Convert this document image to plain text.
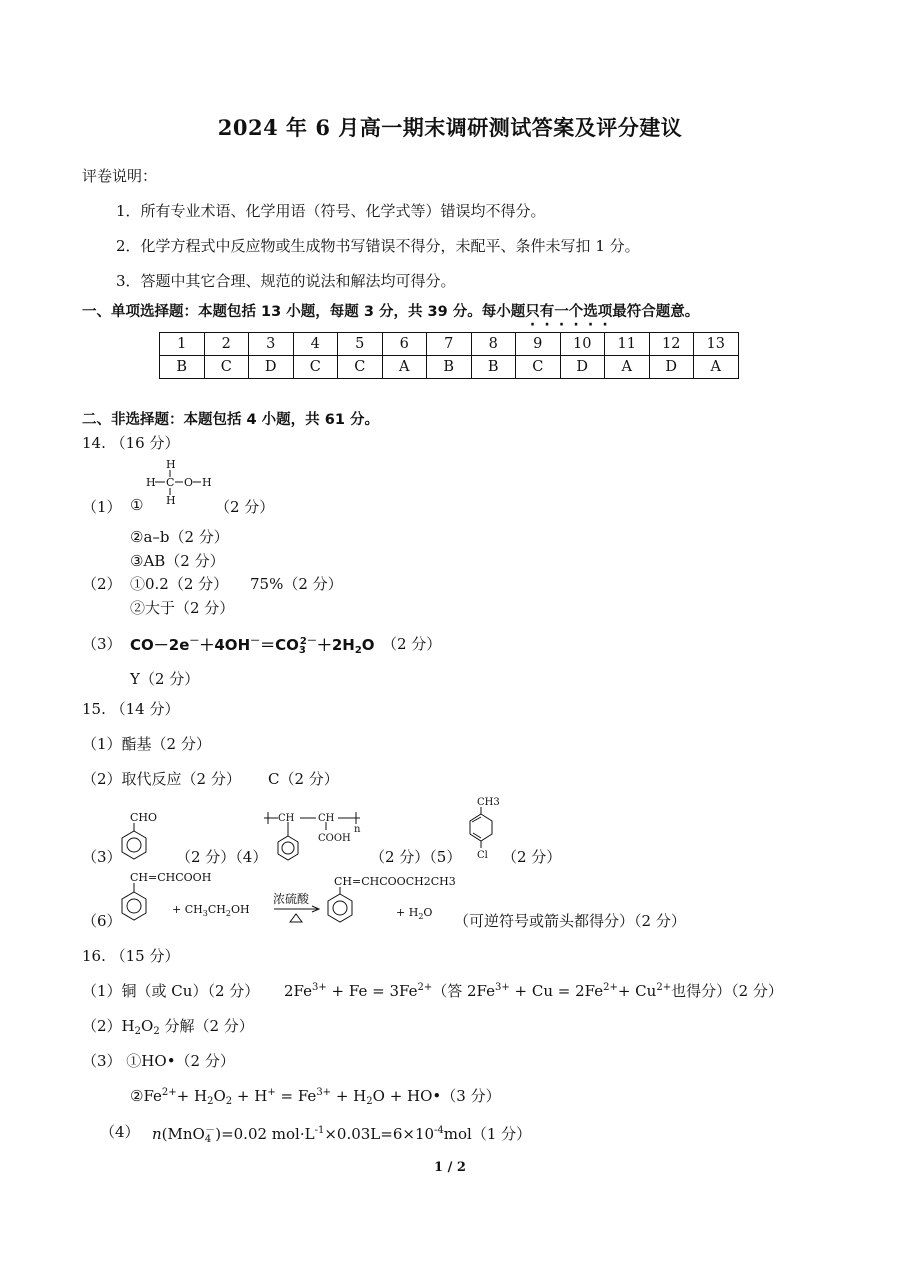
2024 年 6 月高一期末调研测试答案及评分建议
评卷说明：
1．所有专业术语、化学用语（符号、化学式等）错误均不得分。
2．化学方程式中反应物或生成物书写错误不得分，未配平、条件未写扣 1 分。
3．答题中其它合理、规范的说法和解法均可得分。
一、单项选择题：本题包括 13 小题，每题 3 分，共 39 分。每小题只有一个选项最符合题意。
1	2	3	4	5	6	7	8	9	10	11	12	13
B	C	D	C	C	A	B	B	C	D	A	D	A
二、非选择题：本题包括 4 小题，共 61 分。
14. （16 分）
H
H C O H
H
（1） ①	（2 分）
②a–b（2 分）
③AB（2 分）
（2） ①0.2（2 分） 75%（2 分）
②大于（2 分）
（3） $CO-2e^-+4OH^-=CO_3^{2-}+2H_2O$ （2 分）
Y（2 分）
15. （14 分）
（1）酯基（2 分）
（2）取代反应（2 分） C（2 分）
CHO
（3）	（2 分）（4）
CH CH
COOH
n
（2 分）（5）
CH3
Cl （2 分）
CH=CHCOOH
（6）
+ $CH_3CH_2OH$
浓硫酸
CH=CHCOOCH2CH3
+ $H_2O$ （可逆符号或箭头都得分）（2 分）
16. （15 分）
（1）铜（或 Cu）（2 分） $2Fe^{3+} + Fe = 3Fe^{2+}$（答 $2Fe^{3+} + Cu = 2Fe^{2+}+ Cu^{2+}$也得分）（2 分）
$(2)H_2O_2$ 分解（2 分）
（3） ①HO•（2 分）
$②Fe^{2+}+ H_2O_2 + H^+ = Fe^{3+} + H_2O$ + HO•（3 分）
（4） n(MnO$_4$－)=0.02 $mol\cdot L^{-1}\times 0.03L=6\times 10^{-4}mol(1$ 分）
1 / 2
